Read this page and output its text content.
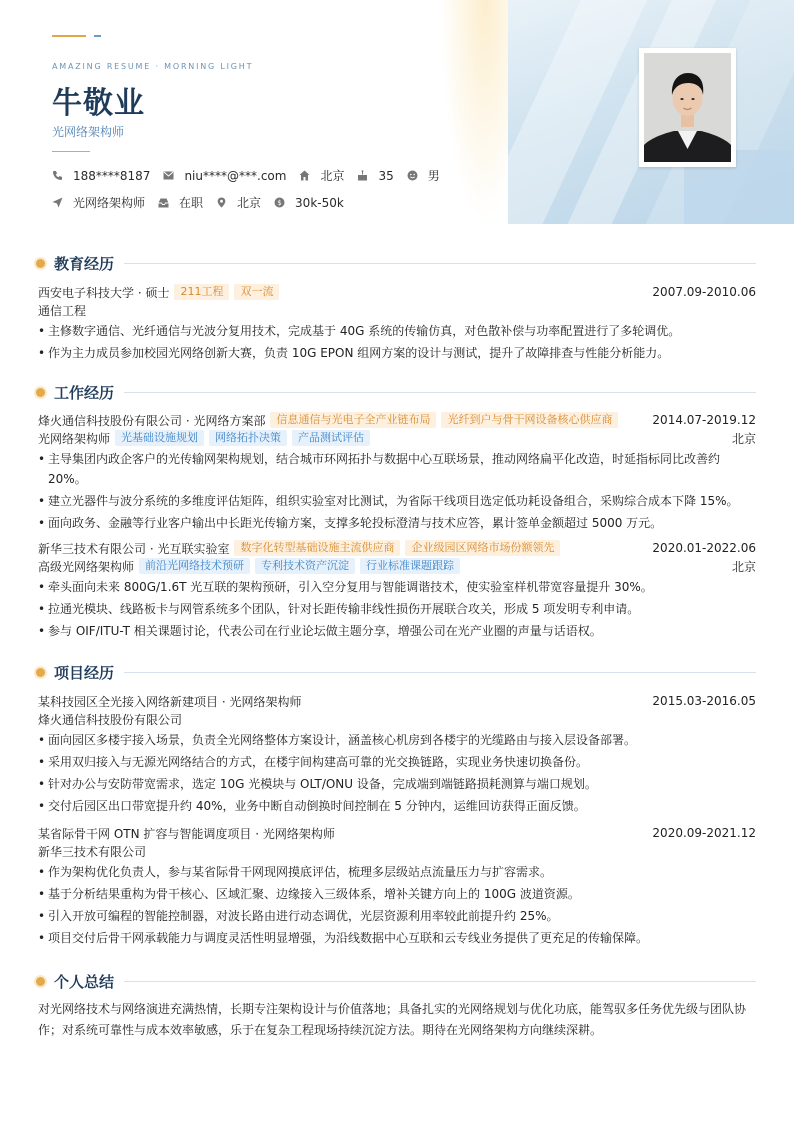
AMAZING RESUME · MORNING LIGHT
牛敬业
光网络架构师
188****8187	niu****@***.com	北京	35	男
光网络架构师	在职	北京 $ 30k-50k
教育经历
西安电子科技大学 · 硕士	211工程	双一流	2007.09-2010.06
通信工程
• 主修数字通信、光纤通信与光波分复用技术，完成基于 40G 系统的传输仿真，对色散补偿与功率配置进行了多轮调优。
• 作为主力成员参加校园光网络创新大赛，负责 10G EPON 组网方案的设计与测试，提升了故障排查与性能分析能力。
工作经历
烽火通信科技股份有限公司 · 光网络方案部	信息通信与光电子全产业链布局	光纤到户与骨干网设备核心供应商	2014.07-2019.12
光网络架构师	光基础设施规划	网络拓扑决策	产品测试评估	北京
• 主导集团内政企客户的光传输网架构规划，结合城市环网拓扑与数据中心互联场景，推动网络扁平化改造，时延指标同比改善约 20%。
• 建立光器件与波分系统的多维度评估矩阵，组织实验室对比测试，为省际干线项目选定低功耗设备组合，采购综合成本下降 15%。
• 面向政务、金融等行业客户输出中长距光传输方案，支撑多轮投标澄清与技术应答，累计签单金额超过 5000 万元。
新华三技术有限公司 · 光互联实验室	数字化转型基础设施主流供应商	企业级园区网络市场份额领先	2020.01-2022.06
高级光网络架构师	前沿光网络技术预研	专利技术资产沉淀	行业标准课题跟踪	北京
• 牵头面向未来 800G/1.6T 光互联的架构预研，引入空分复用与智能调谐技术，使实验室样机带宽容量提升 30%。
• 拉通光模块、线路板卡与网管系统多个团队，针对长距传输非线性损伤开展联合攻关，形成 5 项发明专利申请。
• 参与 OIF/ITU-T 相关课题讨论，代表公司在行业论坛做主题分享，增强公司在光产业圈的声量与话语权。
项目经历
某科技园区全光接入网络新建项目 · 光网络架构师	2015.03-2016.05
烽火通信科技股份有限公司
• 面向园区多楼宇接入场景，负责全光网络整体方案设计，涵盖核心机房到各楼宇的光缆路由与接入层设备部署。
• 采用双归接入与无源光网络结合的方式，在楼宇间构建高可靠的光交换链路，实现业务快速切换备份。
• 针对办公与安防带宽需求，选定 10G 光模块与 OLT/ONU 设备，完成端到端链路损耗测算与端口规划。
• 交付后园区出口带宽提升约 40%，业务中断自动倒换时间控制在 5 分钟内，运维回访获得正面反馈。
某省际骨干网 OTN 扩容与智能调度项目 · 光网络架构师	2020.09-2021.12
新华三技术有限公司
• 作为架构优化负责人，参与某省际骨干网现网摸底评估，梳理多层级站点流量压力与扩容需求。
• 基于分析结果重构为骨干核心、区域汇聚、边缘接入三级体系，增补关键方向上的 100G 波道资源。
• 引入开放可编程的智能控制器，对波长路由进行动态调优，光层资源利用率较此前提升约 25%。
• 项目交付后骨干网承载能力与调度灵活性明显增强，为沿线数据中心互联和云专线业务提供了更充足的传输保障。
个人总结

对光网络技术与网络演进充满热情，长期专注架构设计与价值落地；具备扎实的光网络规划与优化功底，能驾驭多任务优先级与团队协作；对系统可靠性与成本效率敏感，乐于在复杂工程现场持续沉淀方法。期待在光网络架构方向继续深耕。
